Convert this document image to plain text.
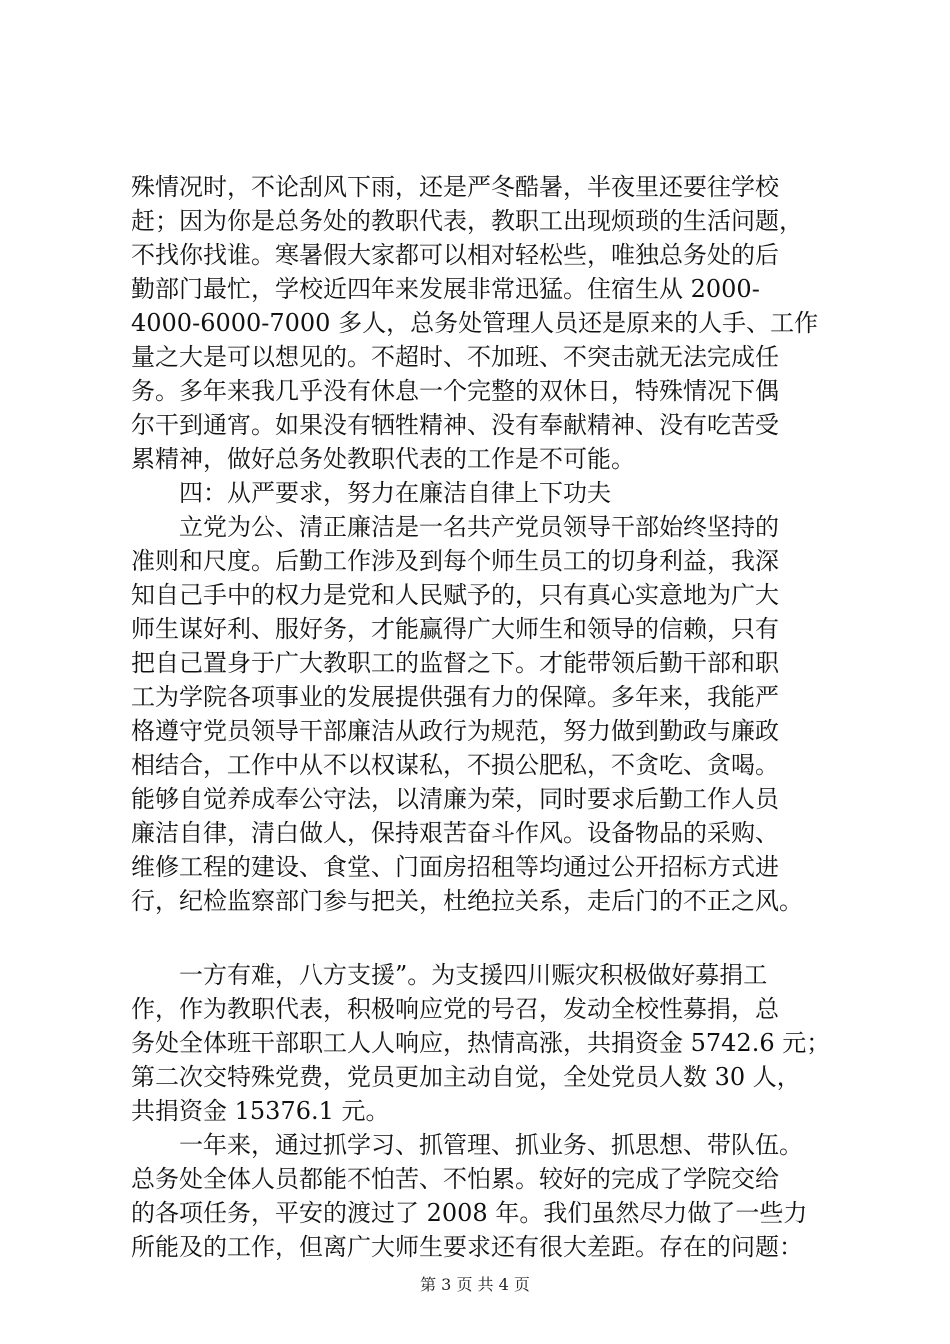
殊情况时，不论刮风下雨，还是严冬酷暑，半夜里还要往学校
赶；因为你是总务处的教职代表，教职工出现烦琐的生活问题，
不找你找谁。寒暑假大家都可以相对轻松些，唯独总务处的后
勤部门最忙，学校近四年来发展非常迅猛。住宿生从 2000-
4000-6000-7000 多人，总务处管理人员还是原来的人手、工作
量之大是可以想见的。不超时、不加班、不突击就无法完成任
务。多年来我几乎没有休息一个完整的双休日，特殊情况下偶
尔干到通宵。如果没有牺牲精神、没有奉献精神、没有吃苦受
累精神，做好总务处教职代表的工作是不可能。
　　四：从严要求，努力在廉洁自律上下功夫
　　立党为公、清正廉洁是一名共产党员领导干部始终坚持的
准则和尺度。后勤工作涉及到每个师生员工的切身利益，我深
知自己手中的权力是党和人民赋予的，只有真心实意地为广大
师生谋好利、服好务，才能赢得广大师生和领导的信赖，只有
把自己置身于广大教职工的监督之下。才能带领后勤干部和职
工为学院各项事业的发展提供强有力的保障。多年来，我能严
格遵守党员领导干部廉洁从政行为规范，努力做到勤政与廉政
相结合，工作中从不以权谋私，不损公肥私，不贪吃、贪喝。
能够自觉养成奉公守法，以清廉为荣，同时要求后勤工作人员
廉洁自律，清白做人，保持艰苦奋斗作风。设备物品的采购、
维修工程的建设、食堂、门面房招租等均通过公开招标方式进
行，纪检监察部门参与把关，杜绝拉关系，走后门的不正之风。
　　一方有难，八方支援”。为支援四川赈灾积极做好募捐工
作，作为教职代表，积极响应党的号召，发动全校性募捐，总
务处全体班干部职工人人响应，热情高涨，共捐资金 5742.6 元；
第二次交特殊党费，党员更加主动自觉，全处党员人数 30 人，
共捐资金 15376.1 元。
　　一年来，通过抓学习、抓管理、抓业务、抓思想、带队伍。
总务处全体人员都能不怕苦、不怕累。较好的完成了学院交给
的各项任务，平安的渡过了 2008 年。我们虽然尽力做了一些力
所能及的工作，但离广大师生要求还有很大差距。存在的问题：
第 3 页 共 4 页
